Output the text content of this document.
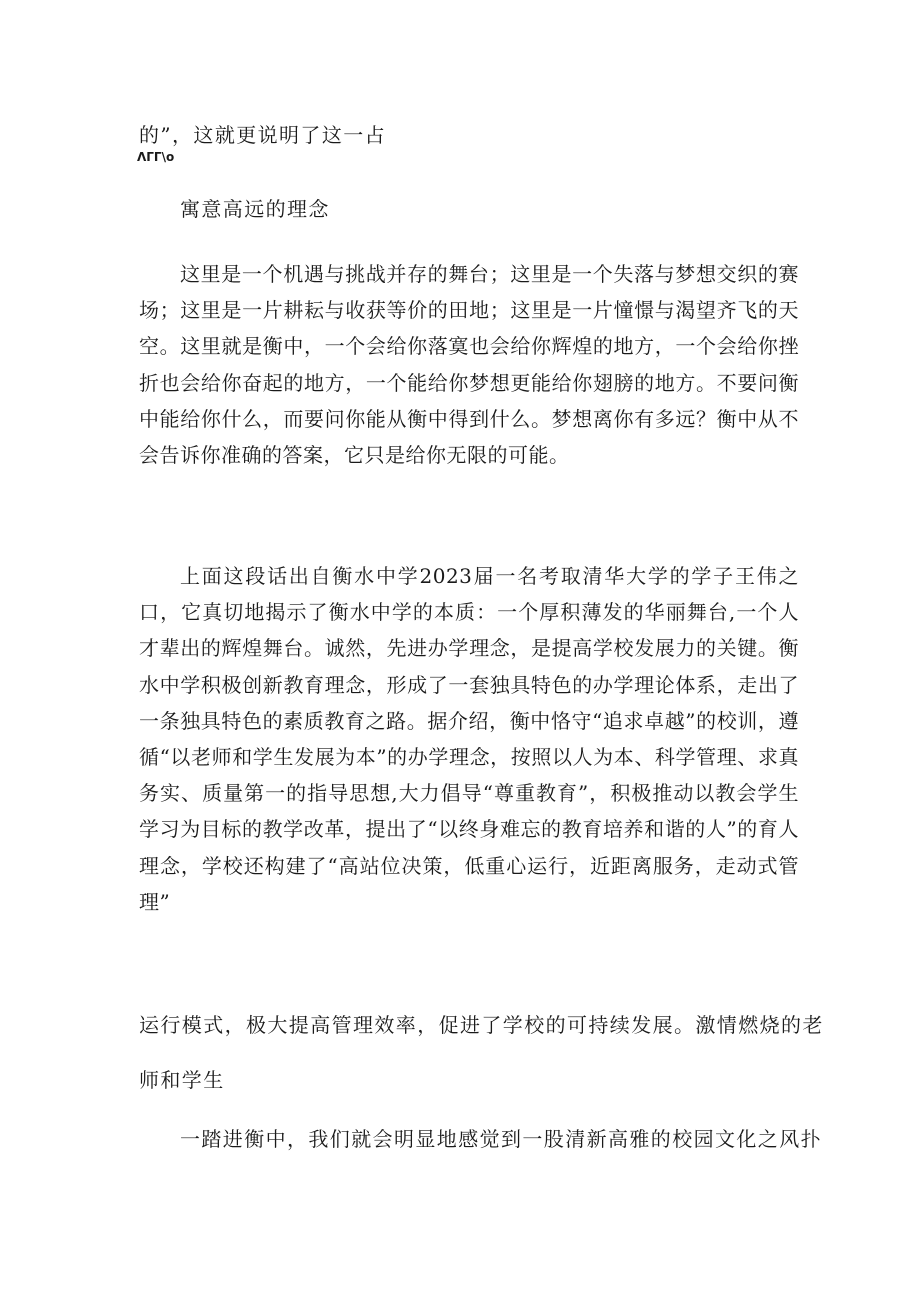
的”，这就更说明了这一占
ΛΓΓ\ο
寓意高远的理念
这里是一个机遇与挑战并存的舞台；这里是一个失落与梦想交织的赛场；这里是一片耕耘与收获等价的田地；这里是一片憧憬与渴望齐飞的天空。这里就是衡中，一个会给你落寞也会给你辉煌的地方，一个会给你挫折也会给你奋起的地方，一个能给你梦想更能给你翅膀的地方。不要问衡中能给你什么，而要问你能从衡中得到什么。梦想离你有多远？衡中从不会告诉你准确的答案，它只是给你无限的可能。
上面这段话出自衡水中学2023届一名考取清华大学的学子王伟之口，它真切地揭示了衡水中学的本质：一个厚积薄发的华丽舞台,一个人才辈出的辉煌舞台。诚然，先进办学理念，是提高学校发展力的关键。衡水中学积极创新教育理念，形成了一套独具特色的办学理论体系，走出了一条独具特色的素质教育之路。据介绍，衡中恪守“追求卓越”的校训，遵循“以老师和学生发展为本”的办学理念，按照以人为本、科学管理、求真务实、质量第一的指导思想,大力倡导“尊重教育”，积极推动以教会学生学习为目标的教学改革，提出了“以终身难忘的教育培养和谐的人”的育人理念，学校还构建了“高站位决策，低重心运行，近距离服务，走动式管理”
运行模式，极大提高管理效率，促进了学校的可持续发展。激情燃烧的老
师和学生
一踏进衡中，我们就会明显地感觉到一股清新高雅的校园文化之风扑
